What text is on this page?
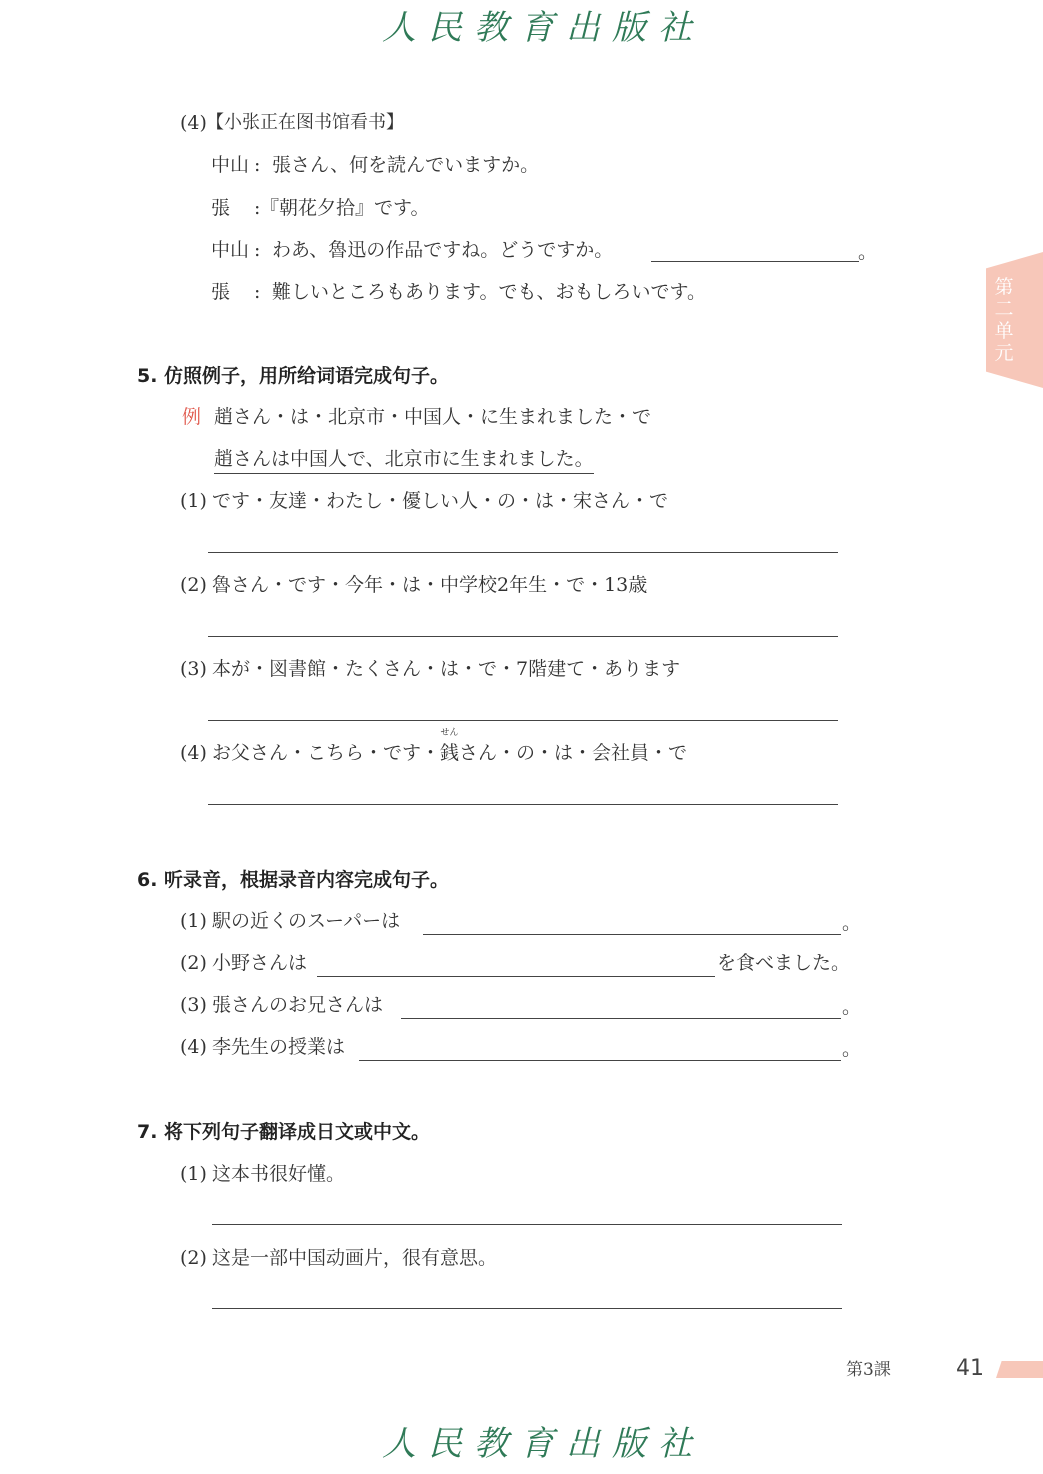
人民教育出版社
第二单元
(4) 【小张正在图书馆看书】
中山 : 張さん、何を読んでいますか。
張 : 『朝花夕拾』です。
中山 : わあ、魯迅の作品ですね。どうですか。	。
張 : 難しいところもあります。でも、おもしろいです。
5. 仿照例子，用所给词语完成句子。
例 趙さん・は・北京市・中国人・に生まれました・で
趙さんは中国人で、北京市に生まれました。
(1) です・友達・わたし・優しい人・の・は・宋さん・で
(2) 魯さん・です・今年・は・中学校2年生・で・13歳
(3) 本が・図書館・たくさん・は・で・7階建て・あります
(4) お父さん・こちら・です・
せん
銭さん・の・は・会社員・で
6. 听录音，根据录音内容完成句子。
(1) 駅の近くのスーパーは	。
(2) 小野さんは	を食べました。
(3) 張さんのお兄さんは	。
(4) 李先生の授業は	。
7. 将下列句子翻译成日文或中文。
(1) 这本书很好懂。
(2) 这是一部中国动画片，很有意思。
第3課	41
人民教育出版社
